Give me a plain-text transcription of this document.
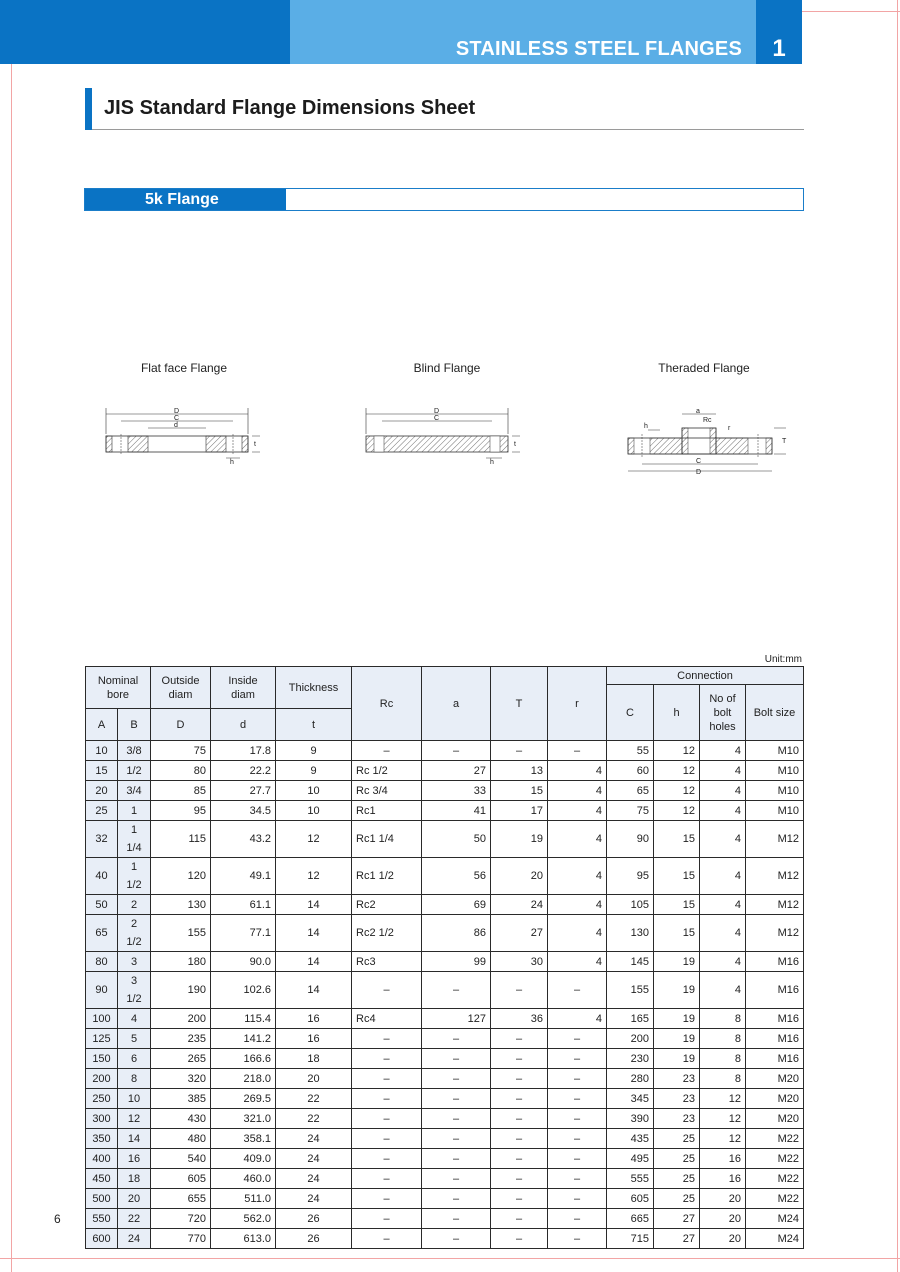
STAINLESS STEEL FLANGES	1
JIS Standard Flange Dimensions Sheet
5k Flange
Flat face Flange	Blind Flange	Theraded Flange
D
C
d
t
h
D
C
t
h
a
Rc
h	r
T
C
D
Unit:mm
Nominal bore		Outside diam	Inside diam	Thickness	Rc	a	T	r	Connection			
									C	h	No of bolt holes	Bolt size
A	B	D	d	t								
10	3/8	75	17.8	9	–	–	–	–	55	12	4	M10
15	1/2	80	22.2	9	Rc 1/2	27	13	4	60	12	4	M10
20	3/4	85	27.7	10	Rc 3/4	33	15	4	65	12	4	M10
25	1	95	34.5	10	Rc1	41	17	4	75	12	4	M10
32	1 1/4	115	43.2	12	Rc1 1/4	50	19	4	90	15	4	M12
40	1 1/2	120	49.1	12	Rc1 1/2	56	20	4	95	15	4	M12
50	2	130	61.1	14	Rc2	69	24	4	105	15	4	M12
65	2 1/2	155	77.1	14	Rc2 1/2	86	27	4	130	15	4	M12
80	3	180	90.0	14	Rc3	99	30	4	145	19	4	M16
90	3 1/2	190	102.6	14	–	–	–	–	155	19	4	M16
100	4	200	115.4	16	Rc4	127	36	4	165	19	8	M16
125	5	235	141.2	16	–	–	–	–	200	19	8	M16
150	6	265	166.6	18	–	–	–	–	230	19	8	M16
200	8	320	218.0	20	–	–	–	–	280	23	8	M20
250	10	385	269.5	22	–	–	–	–	345	23	12	M20
300	12	430	321.0	22	–	–	–	–	390	23	12	M20
350	14	480	358.1	24	–	–	–	–	435	25	12	M22
400	16	540	409.0	24	–	–	–	–	495	25	16	M22
450	18	605	460.0	24	–	–	–	–	555	25	16	M22
500	20	655	511.0	24	–	–	–	–	605	25	20	M22
550	22	720	562.0	26	–	–	–	–	665	27	20	M24
600	24	770	613.0	26	–	–	–	–	715	27	20	M24
6
